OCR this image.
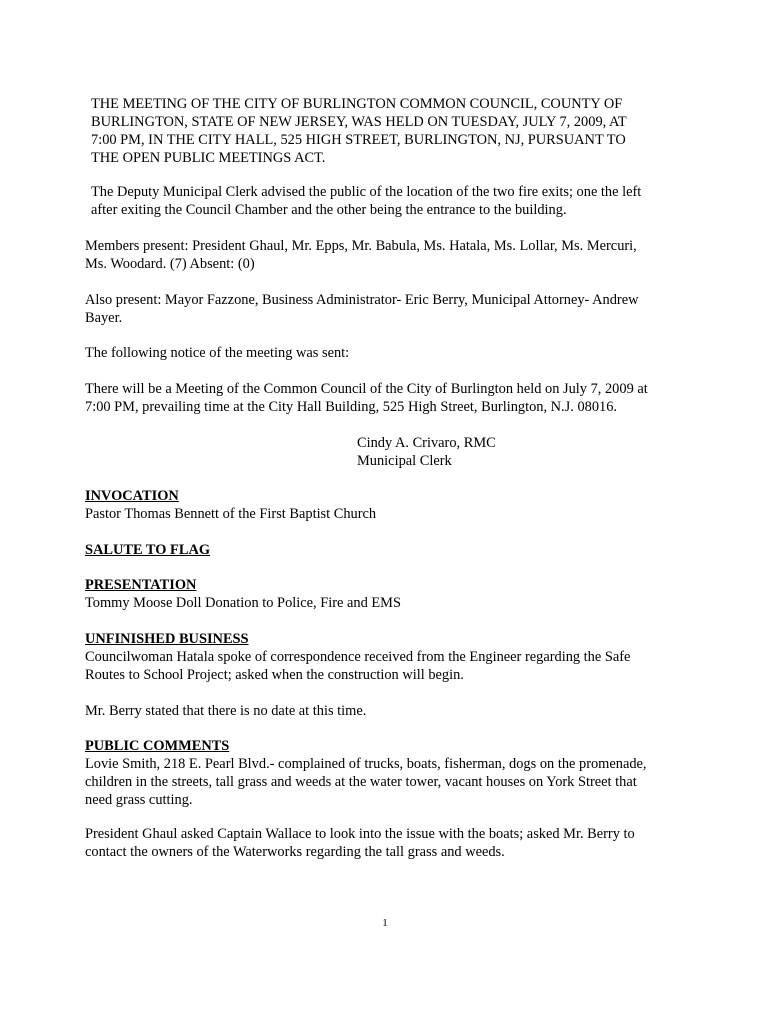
THE MEETING OF THE CITY OF BURLINGTON COMMON COUNCIL, COUNTY OF
BURLINGTON, STATE OF NEW JERSEY, WAS HELD ON TUESDAY, JULY 7, 2009, AT
7:00 PM, IN THE CITY HALL, 525 HIGH STREET, BURLINGTON, NJ, PURSUANT TO
THE OPEN PUBLIC MEETINGS ACT.
The Deputy Municipal Clerk advised the public of the location of the two fire exits; one the left
after exiting the Council Chamber and the other being the entrance to the building.
Members present: President Ghaul, Mr. Epps, Mr. Babula, Ms. Hatala, Ms. Lollar, Ms. Mercuri,
Ms. Woodard. (7) Absent: (0)
Also present: Mayor Fazzone, Business Administrator- Eric Berry, Municipal Attorney- Andrew
Bayer.
The following notice of the meeting was sent:
There will be a Meeting of the Common Council of the City of Burlington held on July 7, 2009 at
7:00 PM, prevailing time at the City Hall Building, 525 High Street, Burlington, N.J. 08016.
Cindy A. Crivaro, RMC
Municipal Clerk
INVOCATION
Pastor Thomas Bennett of the First Baptist Church
SALUTE TO FLAG
PRESENTATION
Tommy Moose Doll Donation to Police, Fire and EMS
UNFINISHED BUSINESS
Councilwoman Hatala spoke of correspondence received from the Engineer regarding the Safe
Routes to School Project; asked when the construction will begin.
Mr. Berry stated that there is no date at this time.
PUBLIC COMMENTS
Lovie Smith, 218 E. Pearl Blvd.- complained of trucks, boats, fisherman, dogs on the promenade,
children in the streets, tall grass and weeds at the water tower, vacant houses on York Street that
need grass cutting.
President Ghaul asked Captain Wallace to look into the issue with the boats; asked Mr. Berry to
contact the owners of the Waterworks regarding the tall grass and weeds.
1
